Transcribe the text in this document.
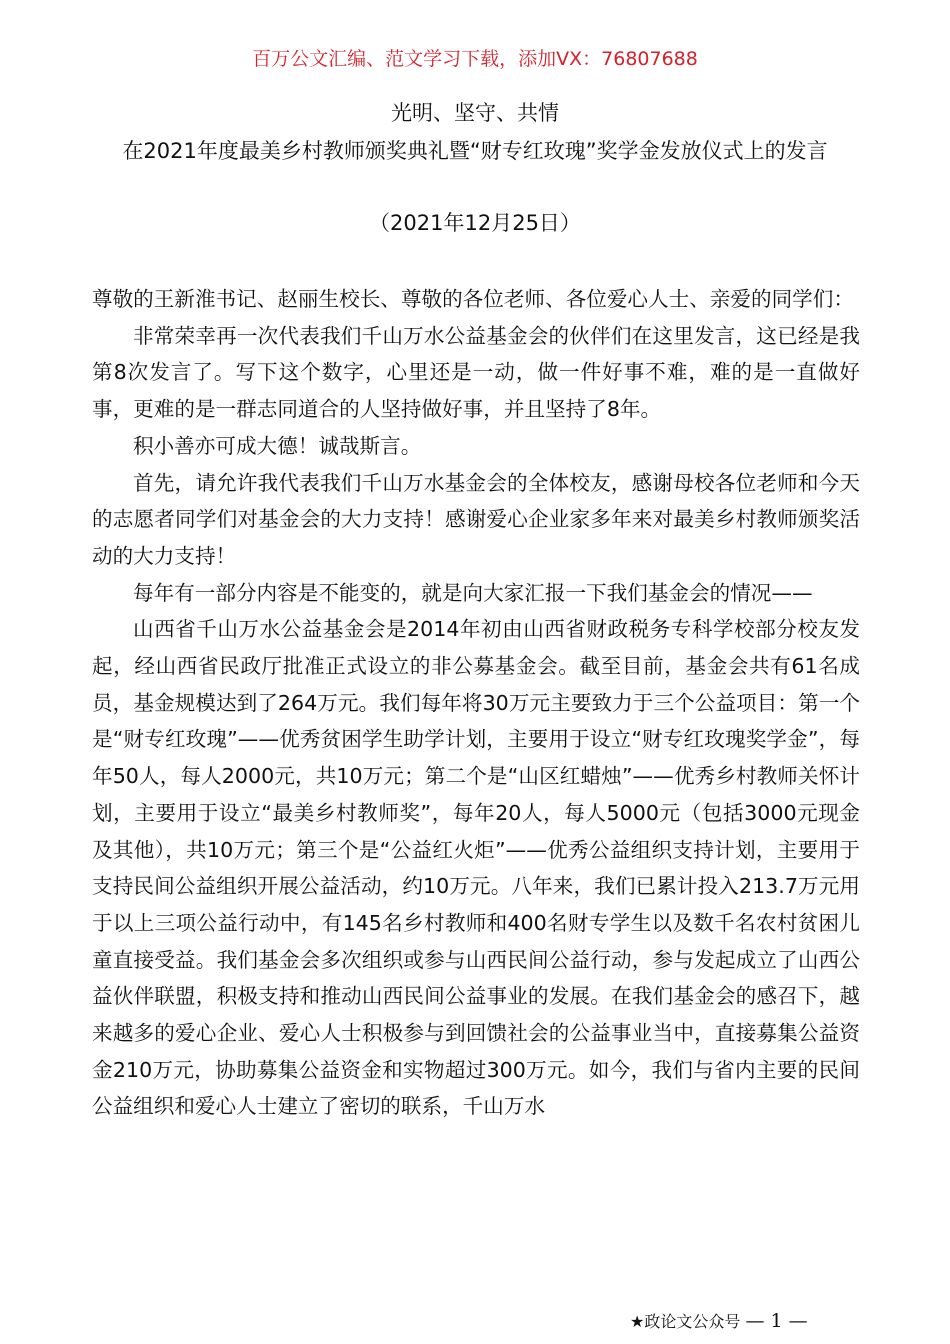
百万公文汇编、范文学习下载，添加VX：76807688
光明、坚守、共情
在2021年度最美乡村教师颁奖典礼暨“财专红玫瑰”奖学金发放仪式上的发言
（2021年12月25日）

尊敬的王新淮书记、赵丽生校长、尊敬的各位老师、各位爱心人士、亲爱的同学们：

非常荣幸再一次代表我们千山万水公益基金会的伙伴们在这里发言，这已经是我第8次发言了。写下这个数字，心里还是一动，做一件好事不难，难的是一直做好事，更难的是一群志同道合的人坚持做好事，并且坚持了8年。

积小善亦可成大德！诚哉斯言。

首先，请允许我代表我们千山万水基金会的全体校友，感谢母校各位老师和今天的志愿者同学们对基金会的大力支持！感谢爱心企业家多年来对最美乡村教师颁奖活动的大力支持！

每年有一部分内容是不能变的，就是向大家汇报一下我们基金会的情况——

山西省千山万水公益基金会是2014年初由山西省财政税务专科学校部分校友发起，经山西省民政厅批准正式设立的非公募基金会。截至目前，基金会共有61名成员，基金规模达到了264万元。我们每年将30万元主要致力于三个公益项目：第一个是“财专红玫瑰”——优秀贫困学生助学计划，主要用于设立“财专红玫瑰奖学金”，每年50人，每人2000元，共10万元；第二个是“山区红蜡烛”——优秀乡村教师关怀计划，主要用于设立“最美乡村教师奖”，每年20人，每人5000元（包括3000元现金及其他），共10万元；第三个是“公益红火炬”——优秀公益组织支持计划，主要用于支持民间公益组织开展公益活动，约10万元。八年来，我们已累计投入213.7万元用于以上三项公益行动中，有145名乡村教师和400名财专学生以及数千名农村贫困儿童直接受益。我们基金会多次组织或参与山西民间公益行动，参与发起成立了山西公益伙伴联盟，积极支持和推动山西民间公益事业的发展。在我们基金会的感召下，越来越多的爱心企业、爱心人士积极参与到回馈社会的公益事业当中，直接募集公益资金210万元，协助募集公益资金和实物超过300万元。如今，我们与省内主要的民间公益组织和爱心人士建立了密切的联系，千山万水

★政论文公众号 — 1 —
